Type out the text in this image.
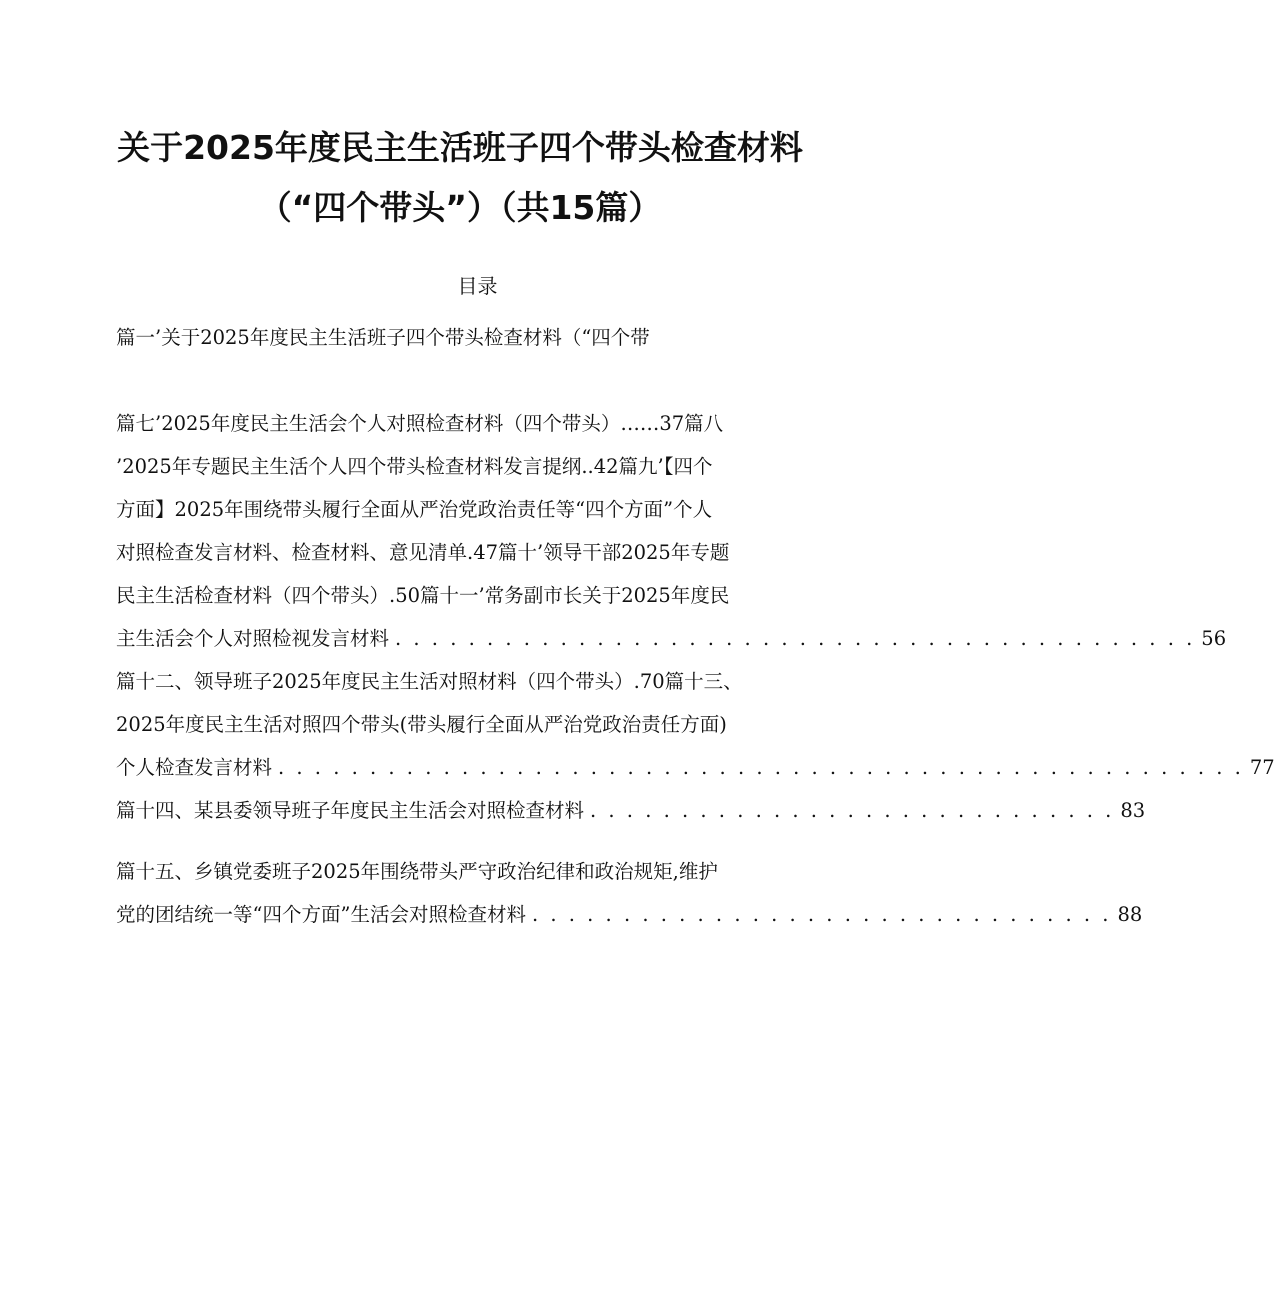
关于2025年度民主生活班子四个带头检查材料
（“四个带头”）（共15篇）
目录
篇一’关于2025年度民主生活班子四个带头检查材料（“四个带
篇七’2025年度民主生活会个人对照检查材料（四个带头）……37篇八
’2025年专题民主生活个人四个带头检查材料发言提纲..42篇九’【四个
方面】2025年围绕带头履行全面从严治党政治责任等“四个方面”个人
对照检查发言材料、检查材料、意见清单.47篇十’领导干部2025年专题
民主生活检查材料（四个带头）.50篇十一’常务副市长关于2025年度民
主生活会个人对照检视发言材料 . . . . . . . . . . . . . . . . . . . . . . . . . . . . . . . . . . . . . . . . . . . . 56
篇十二、领导班子2025年度民主生活对照材料（四个带头）.70篇十三、
2025年度民主生活对照四个带头(带头履行全面从严治党政治责任方面)
个人检查发言材料 . . . . . . . . . . . . . . . . . . . . . . . . . . . . . . . . . . . . . . . . . . . . . . . . . . . . . 77
篇十四、某县委领导班子年度民主生活会对照检查材料 . . . . . . . . . . . . . . . . . . . . . . . . . . . . . 83
篇十五、乡镇党委班子2025年围绕带头严守政治纪律和政治规矩,维护
党的团结统一等“四个方面”生活会对照检查材料 . . . . . . . . . . . . . . . . . . . . . . . . . . . . . . . . 88
